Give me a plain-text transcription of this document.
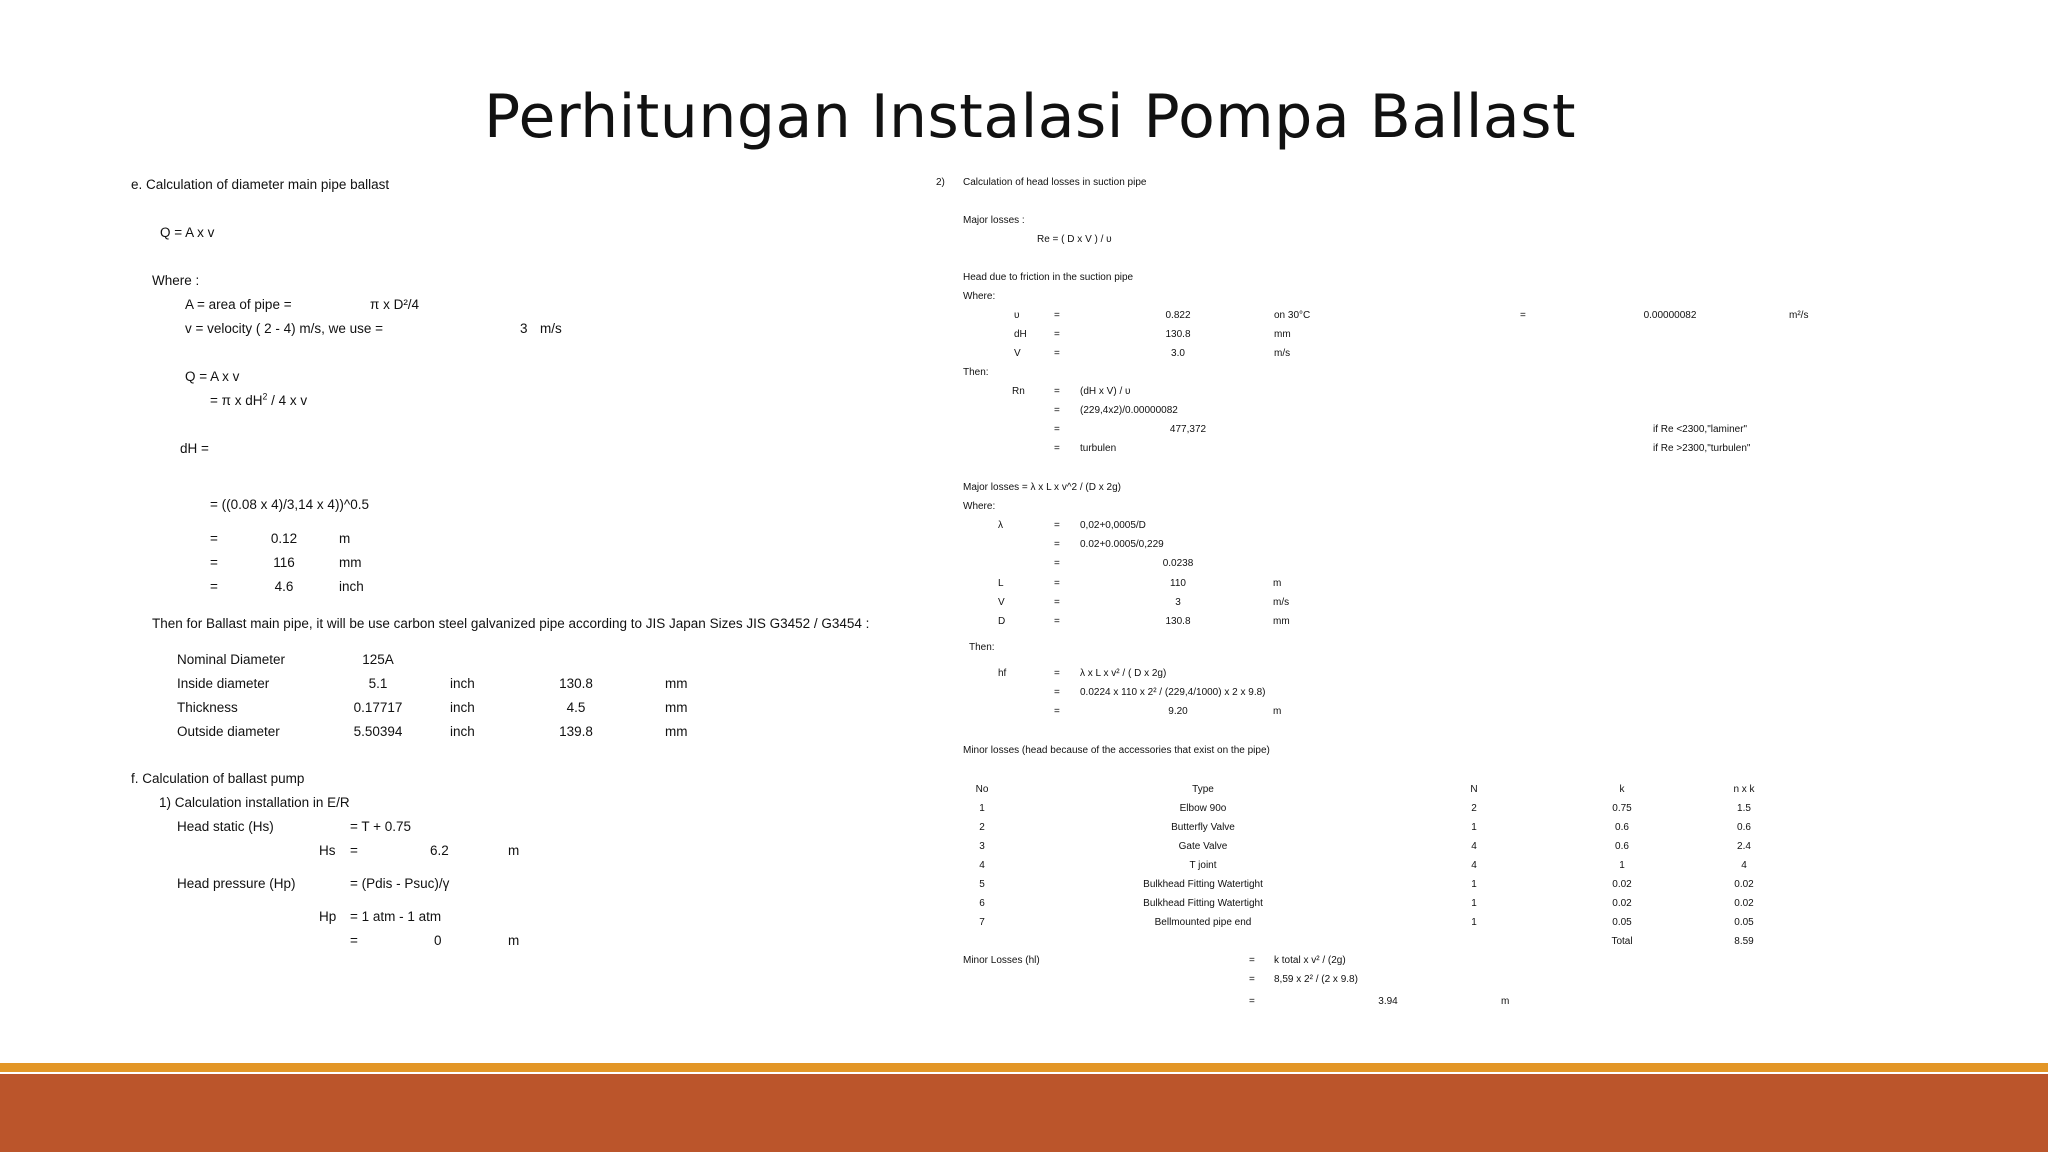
Perhitungan Instalasi Pompa Ballast
e. Calculation of diameter main pipe ballast
Q = A x v
Where :
A = area of pipe =	π x D²/4
v = velocity ( 2 - 4) m/s, we use =	3 m/s
Q = A x v
= π x $dH^2 / 4$ x v
dH =
= ((0.08 x 4)/3,14 x 4))^0.5
=	0.12	m
=	116	mm
=	4.6	inch
Then for Ballast main pipe, it will be use carbon steel galvanized pipe according to JIS Japan Sizes JIS G3452 / G3454 :
Nominal Diameter	125A
Inside diameter	5.1	inch	130.8	mm
Thickness	0.17717	inch	4.5	mm
Outside diameter	5.50394	inch	139.8	mm
f. Calculation of ballast pump
1) Calculation installation in E/R
Head static (Hs)	= T + 0.75
Hs =	6.2	m
Head pressure (Hp)	= (Pdis - Psuc)/γ
Hp = 1 atm - 1 atm
=	0	m
2) Calculation of head losses in suction pipe
Major losses :
Re = ( D x V ) / υ
Head due to friction in the suction pipe
Where:
υ	=	0.822	on 30°C	=	0.00000082	m²/s
dH	=	130.8	mm
V	=	3.0	m/s
Then:
Rn	= (dH x V) / υ
= (229,4x2)/0.00000082
=	477,372	if Re <2300,"laminer"
= turbulen	if Re >2300,"turbulen"
Major losses = λ x L x v^2 / (D x 2g)
Where:
λ	= 0,02+0,0005/D
= 0.02+0.0005/0,229
=	0.0238
L	=	110	m
V	=	3	m/s
D	=	130.8	mm
Then:
hf	= λ x L x v² / ( D x 2g)
= 0.0224 x 110 x 2² / (229,4/1000) x 2 x 9.8)
=	9.20	m
Minor losses (head because of the accessories that exist on the pipe)
No	Type	N	k	n x k
1	Elbow 90o	2	0.75	1.5
2	Butterfly Valve	1	0.6	0.6
3	Gate Valve	4	0.6	2.4
4	T joint	4	1	4
5	Bulkhead Fitting Watertight	1	0.02	0.02
6	Bulkhead Fitting Watertight	1	0.02	0.02
7	Bellmounted pipe end	1	0.05	0.05
Total	8.59
Minor Losses (hl)	= k total x v² / (2g)
= 8,59 x 2² / (2 x 9.8)
=	3.94	m
